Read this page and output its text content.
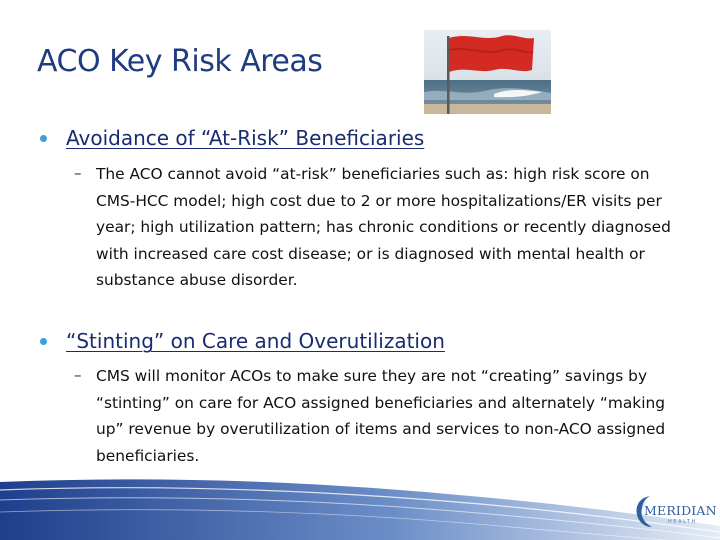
ACO Key Risk Areas
Avoidance of “At-Risk” Beneficiaries
– The ACO cannot avoid “at-risk” beneficiaries such as: high risk score on CMS-HCC model; high cost due to 2 or more hospitalizations/ER visits per year; high utilization pattern; has chronic conditions or recently diagnosed with increased care cost disease; or is diagnosed with mental health or substance abuse disorder.
“Stinting” on Care and Overutilization
– CMS will monitor ACOs to make sure they are not “creating” savings by “stinting” on care for ACO assigned beneficiaries and alternately “making up” revenue by overutilization of items and services to non-ACO assigned beneficiaries.
MERIDIAN
HEALTH
